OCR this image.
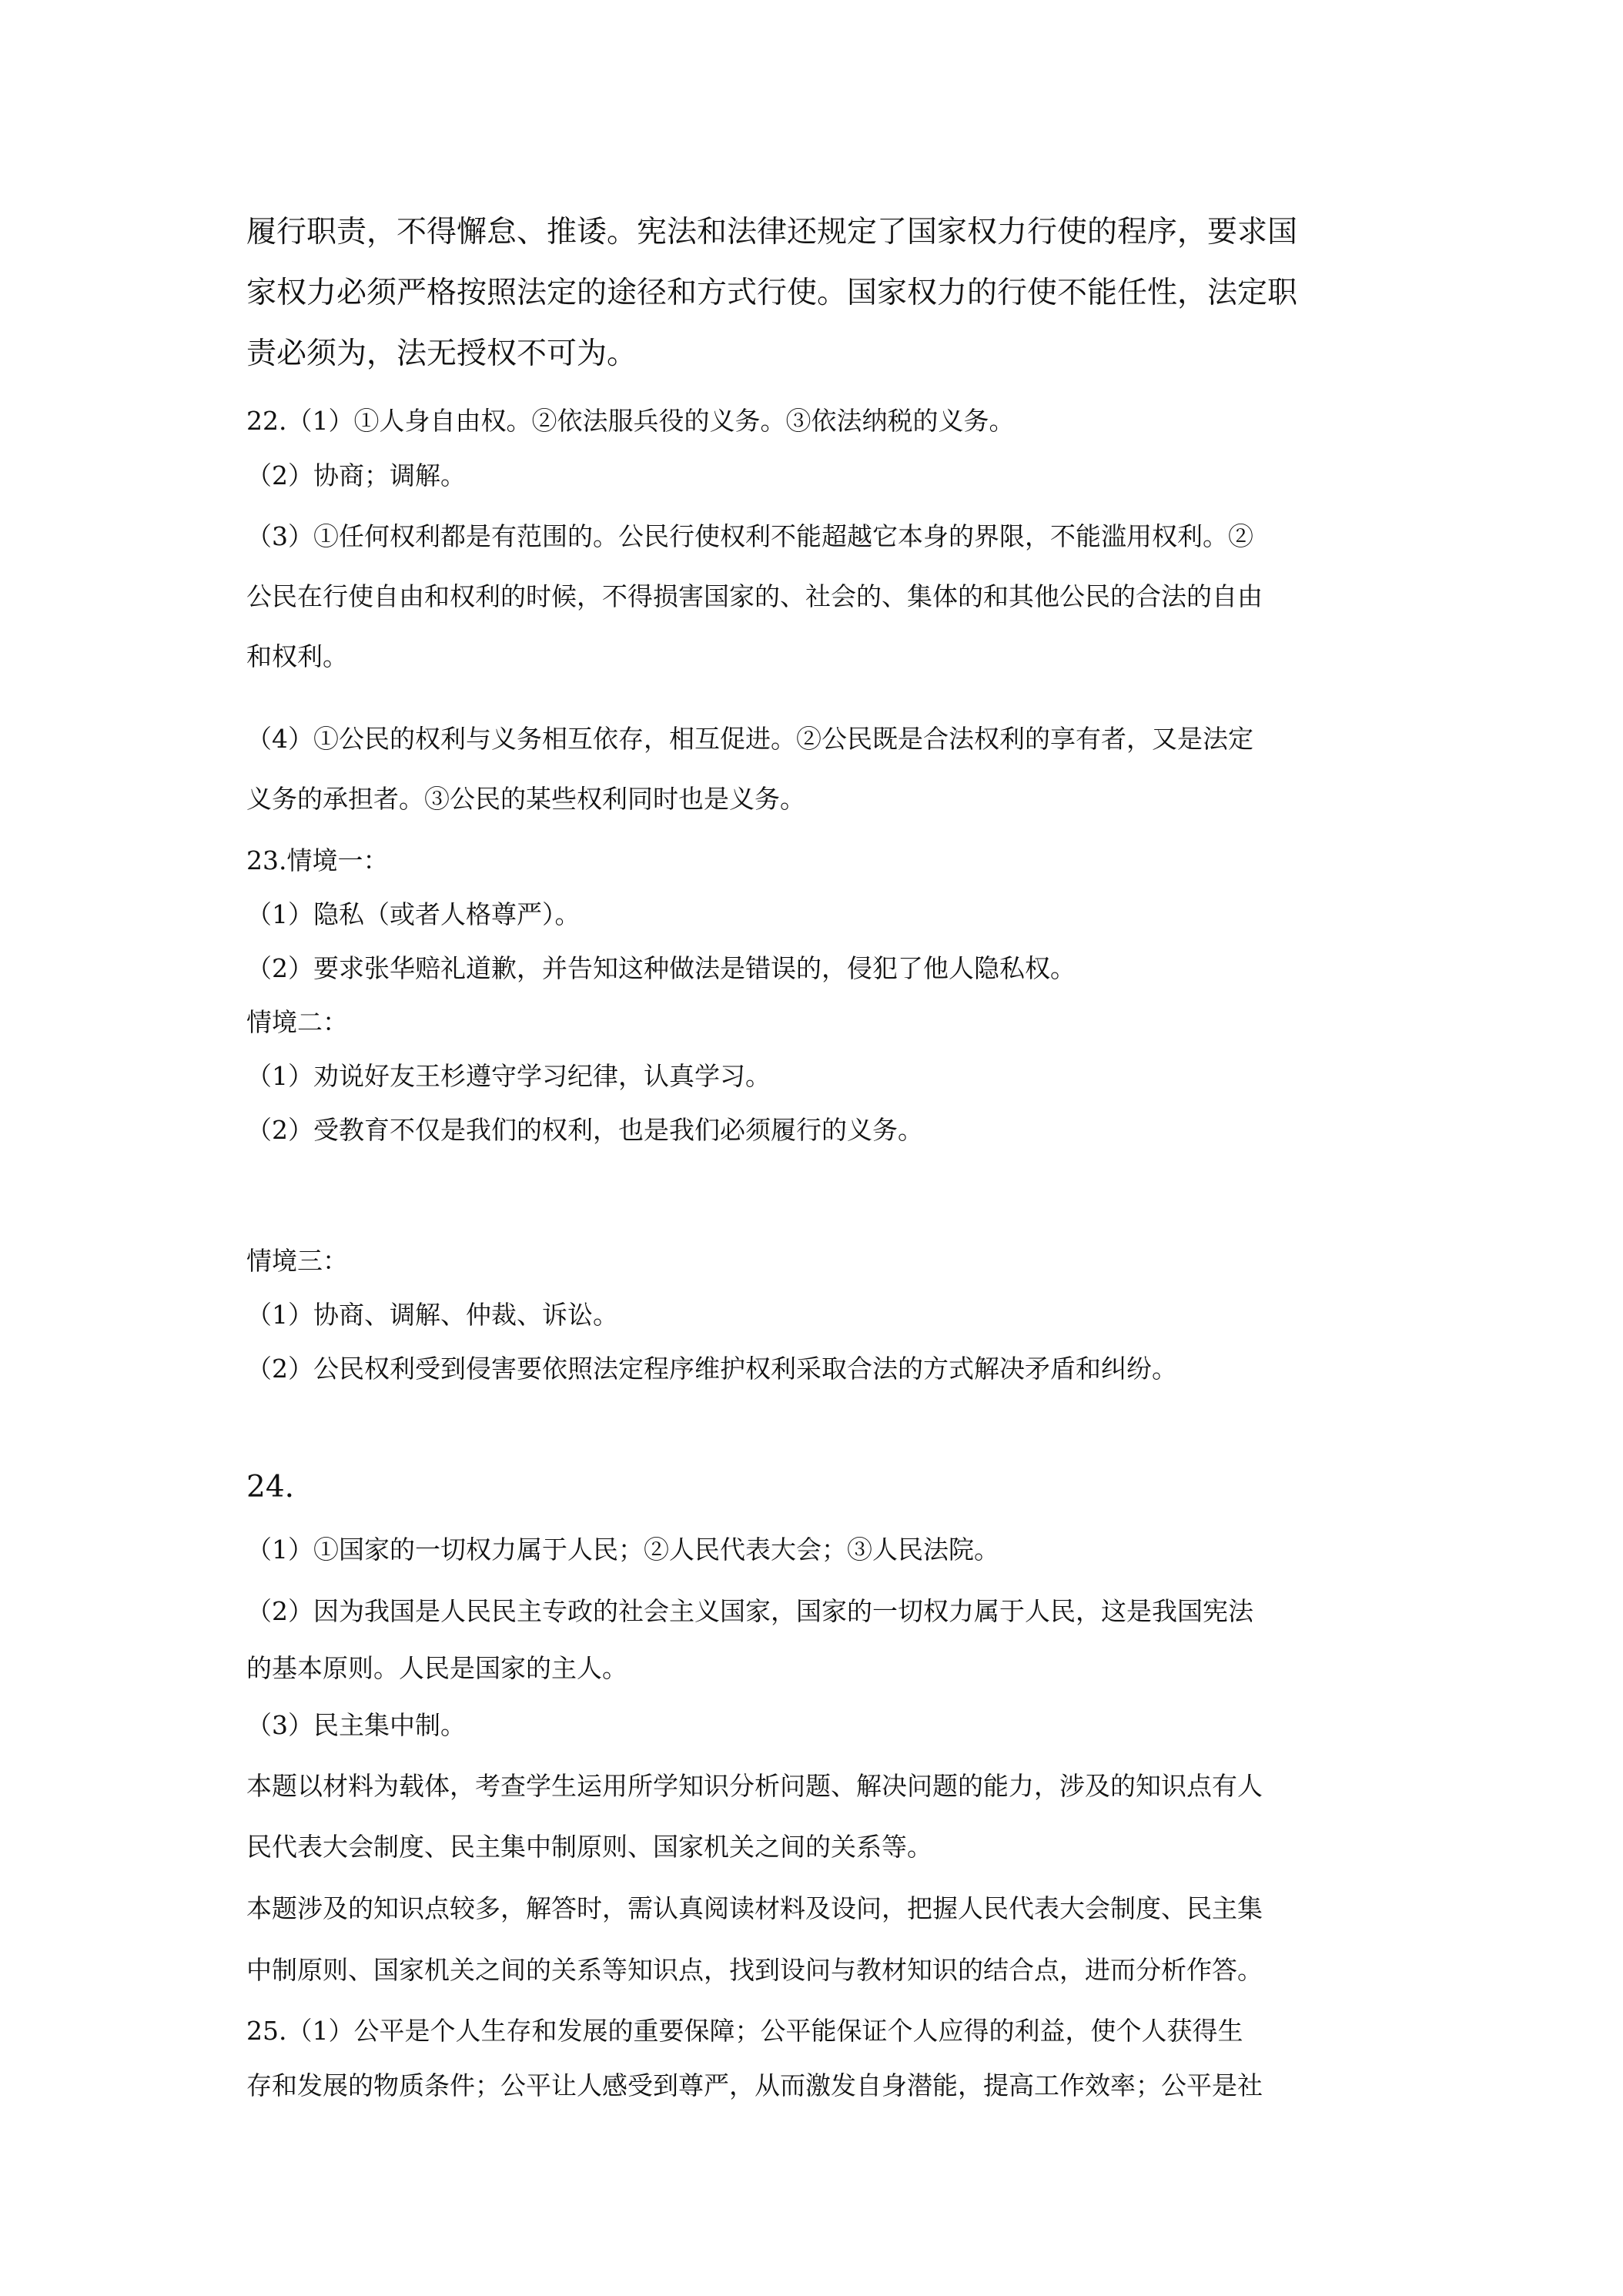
履行职责，不得懈怠、推诿。宪法和法律还规定了国家权力行使的程序，要求国

家权力必须严格按照法定的途径和方式行使。国家权力的行使不能任性，法定职

责必须为，法无授权不可为。

22.（1）①人身自由权。②依法服兵役的义务。③依法纳税的义务。

（2）协商；调解。

（3）①任何权利都是有范围的。公民行使权利不能超越它本身的界限，不能滥用权利。②

公民在行使自由和权利的时候，不得损害国家的、社会的、集体的和其他公民的合法的自由

和权利。

（4）①公民的权利与义务相互依存，相互促进。②公民既是合法权利的享有者，又是法定

义务的承担者。③公民的某些权利同时也是义务。

23.情境一：

（1）隐私（或者人格尊严）。

（2）要求张华赔礼道歉，并告知这种做法是错误的，侵犯了他人隐私权。

情境二：

（1）劝说好友王杉遵守学习纪律，认真学习。

（2）受教育不仅是我们的权利，也是我们必须履行的义务。

情境三：

（1）协商、调解、仲裁、诉讼。

（2）公民权利受到侵害要依照法定程序维护权利采取合法的方式解决矛盾和纠纷。

24.

（1）①国家的一切权力属于人民；②人民代表大会；③人民法院。

（2）因为我国是人民民主专政的社会主义国家，国家的一切权力属于人民，这是我国宪法

的基本原则。人民是国家的主人。

（3）民主集中制。

本题以材料为载体，考查学生运用所学知识分析问题、解决问题的能力，涉及的知识点有人

民代表大会制度、民主集中制原则、国家机关之间的关系等。

本题涉及的知识点较多，解答时，需认真阅读材料及设问，把握人民代表大会制度、民主集

中制原则、国家机关之间的关系等知识点，找到设问与教材知识的结合点，进而分析作答。

25.（1）公平是个人生存和发展的重要保障；公平能保证个人应得的利益，使个人获得生

存和发展的物质条件；公平让人感受到尊严，从而激发自身潜能，提高工作效率；公平是社
